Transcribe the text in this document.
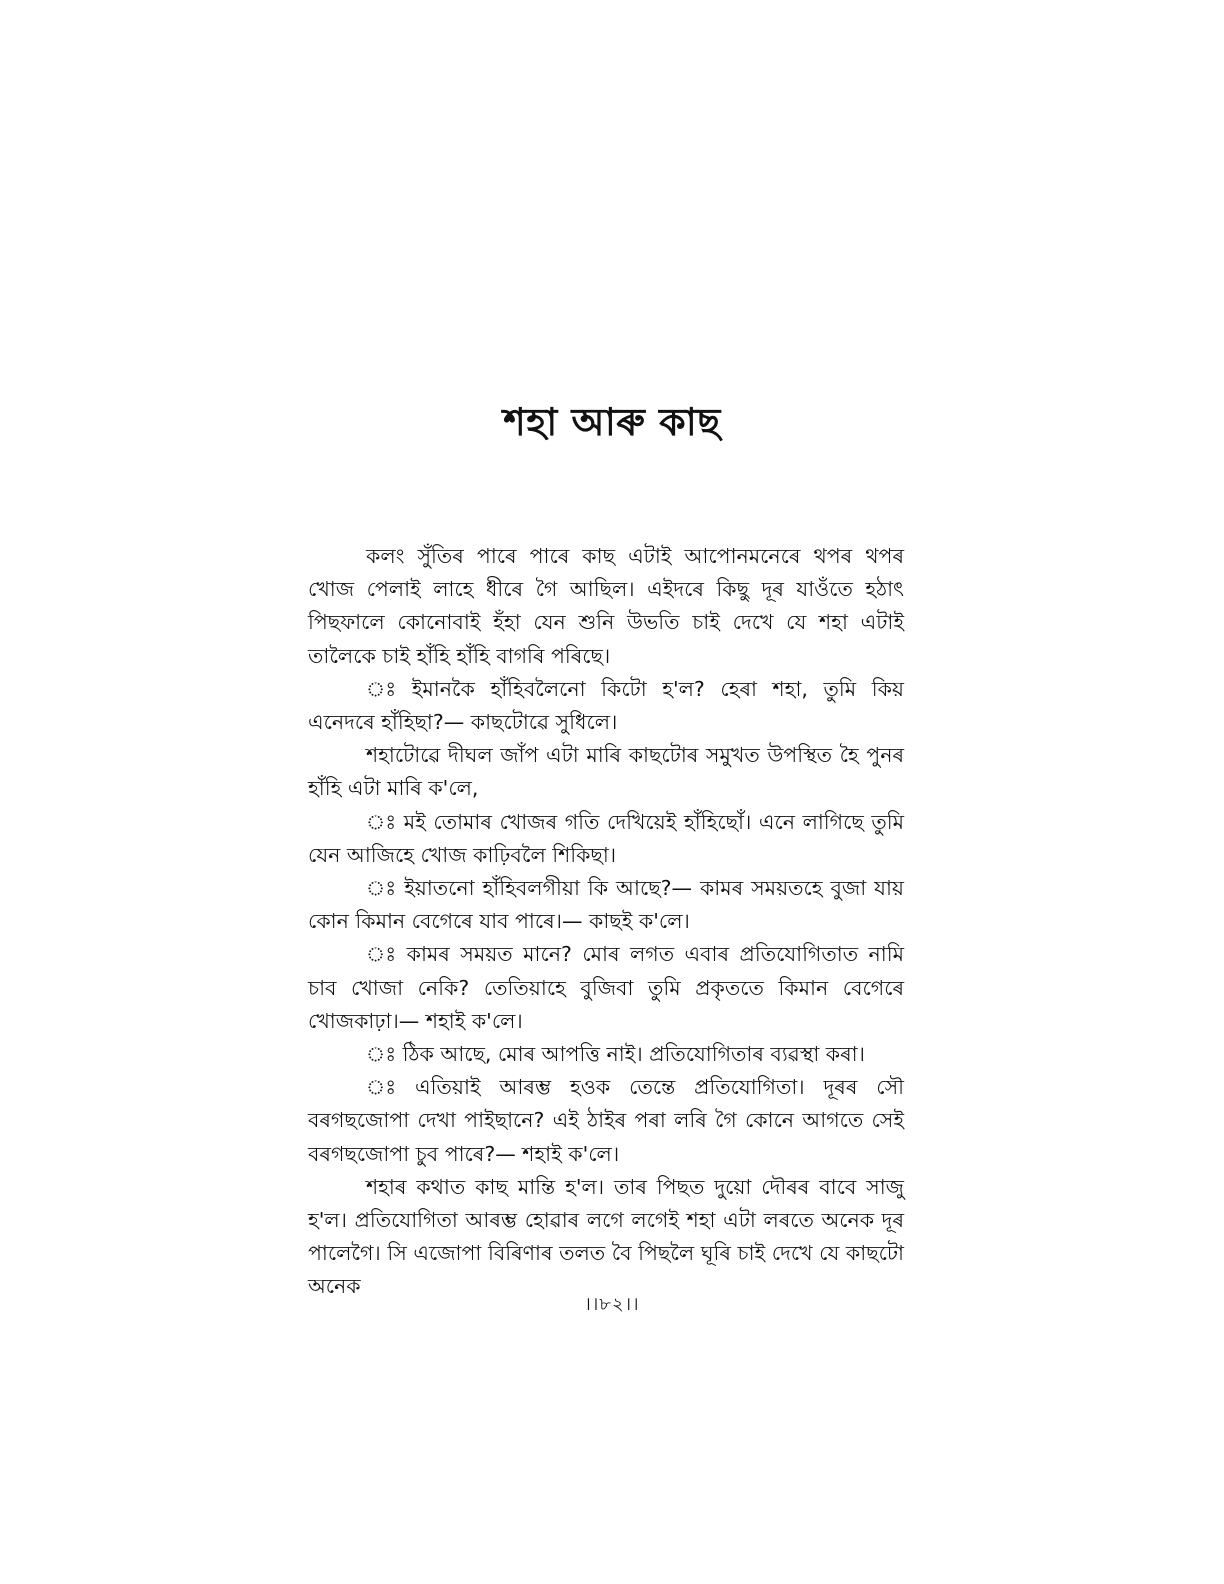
শহা আৰু কাছ

কলং সুঁতিৰ পাৰে পাৰে কাছ এটাই আপোনমনেৰে থপৰ থপৰ খোজ পেলাই লাহে ধীৰে গৈ আছিল। এইদৰে কিছু দূৰ যাওঁতে হঠাৎ পিছফালে কোনোবাই হঁহা যেন শুনি উভতি চাই দেখে যে শহা এটাই তালৈকে চাই হাঁহি হাঁহি বাগৰি পৰিছে।

ঃ ইমানকৈ হাঁহিবলৈনো কিটো হ'ল? হেৰা শহা, তুমি কিয় এনেদৰে হাঁহিছা?— কাছটোৱে সুধিলে।

শহাটোৱে দীঘল জাঁপ এটা মাৰি কাছটোৰ সমুখত উপস্থিত হৈ পুনৰ হাঁহি এটা মাৰি ক'লে,

ঃ মই তোমাৰ খোজৰ গতি দেখিয়েই হাঁহিছোঁ। এনে লাগিছে তুমি যেন আজিহে খোজ কাঢ়িবলৈ শিকিছা।

ঃ ইয়াতনো হাঁহিবলগীয়া কি আছে?— কামৰ সময়তহে বুজা যায় কোন কিমান বেগেৰে যাব পাৰে।— কাছই ক'লে।

ঃ কামৰ সময়ত মানে? মোৰ লগত এবাৰ প্ৰতিযোগিতাত নামি চাব খোজা নেকি? তেতিয়াহে বুজিবা তুমি প্ৰকৃততে কিমান বেগেৰে খোজকাঢ়া।— শহাই ক'লে।

ঃ ঠিক আছে, মোৰ আপত্তি নাই। প্ৰতিযোগিতাৰ ব্যৱস্থা কৰা।

ঃ এতিয়াই আৰম্ভ হওক তেন্তে প্ৰতিযোগিতা। দূৰৰ সৌ বৰগছজোপা দেখা পাইছানে? এই ঠাইৰ পৰা লৰি গৈ কোনে আগতে সেই বৰগছজোপা চুব পাৰে?— শহাই ক'লে।

শহাৰ কথাত কাছ মান্তি হ'ল। তাৰ পিছত দুয়ো দৌৰৰ বাবে সাজু হ'ল। প্ৰতিযোগিতা আৰম্ভ হোৱাৰ লগে লগেই শহা এটা লৰতে অনেক দূৰ পালেগৈ। সি এজোপা বিৰিণাৰ তলত বৈ পিছলৈ ঘূৰি চাই দেখে যে কাছটো অনেক

।।৮২।।
